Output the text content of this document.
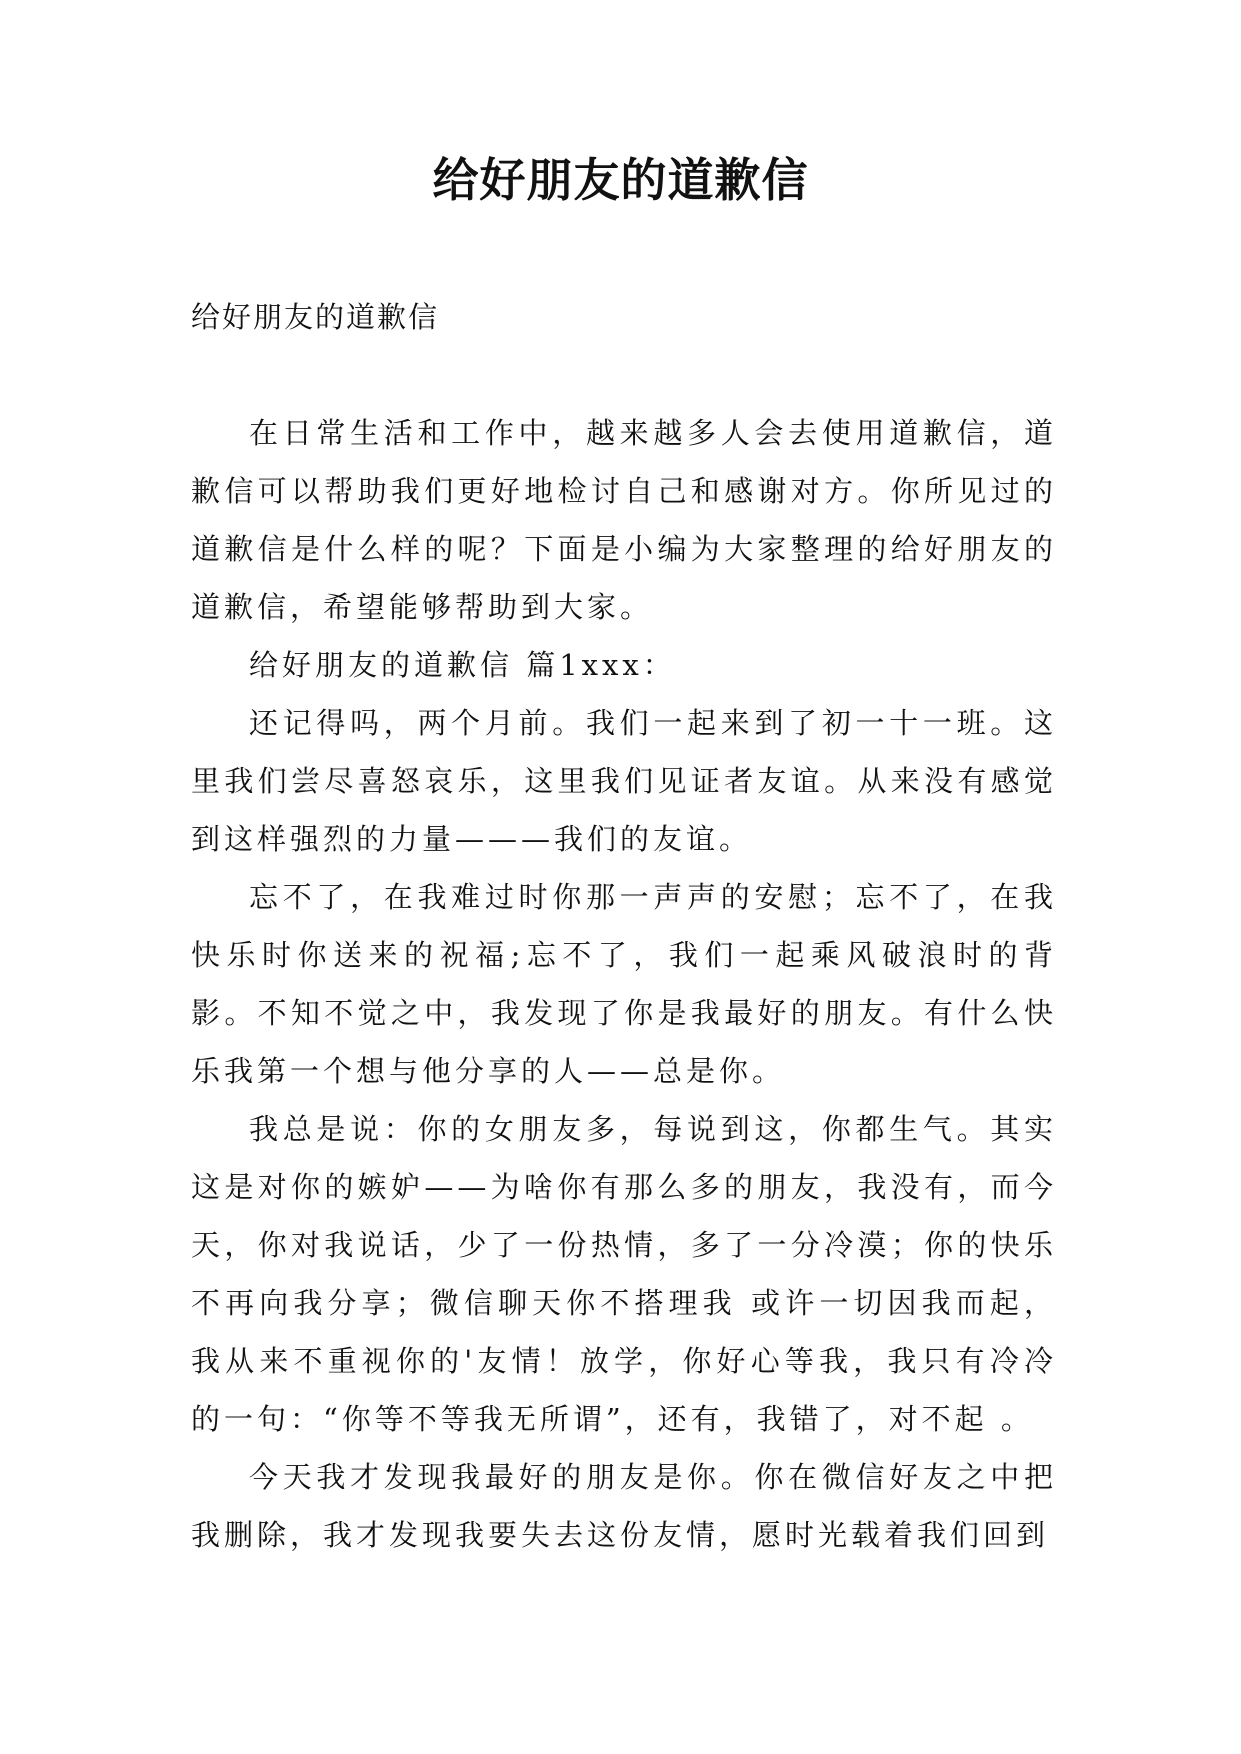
给好朋友的道歉信

给好朋友的道歉信

在日常生活和工作中，越来越多人会去使用道歉信，道歉信可以帮助我们更好地检讨自己和感谢对方。你所见过的道歉信是什么样的呢？下面是小编为大家整理的给好朋友的道歉信，希望能够帮助到大家。

给好朋友的道歉信 篇1xxx：

还记得吗，两个月前。我们一起来到了初一十一班。这里我们尝尽喜怒哀乐，这里我们见证者友谊。从来没有感觉到这样强烈的力量———我们的友谊。

忘不了，在我难过时你那一声声的安慰；忘不了，在我快乐时你送来的祝福;忘不了，我们一起乘风破浪时的背影。不知不觉之中，我发现了你是我最好的朋友。有什么快乐我第一个想与他分享的人——总是你。

我总是说：你的女朋友多，每说到这，你都生气。其实这是对你的嫉妒——为啥你有那么多的朋友，我没有，而今天，你对我说话，少了一份热情，多了一分冷漠；你的快乐不再向我分享；微信聊天你不搭理我 或许一切因我而起，我从来不重视你的'友情！放学，你好心等我，我只有冷冷的一句：“你等不等我无所谓”，还有，我错了，对不起 。

今天我才发现我最好的朋友是你。你在微信好友之中把我删除，我才发现我要失去这份友情，愿时光载着我们回到
